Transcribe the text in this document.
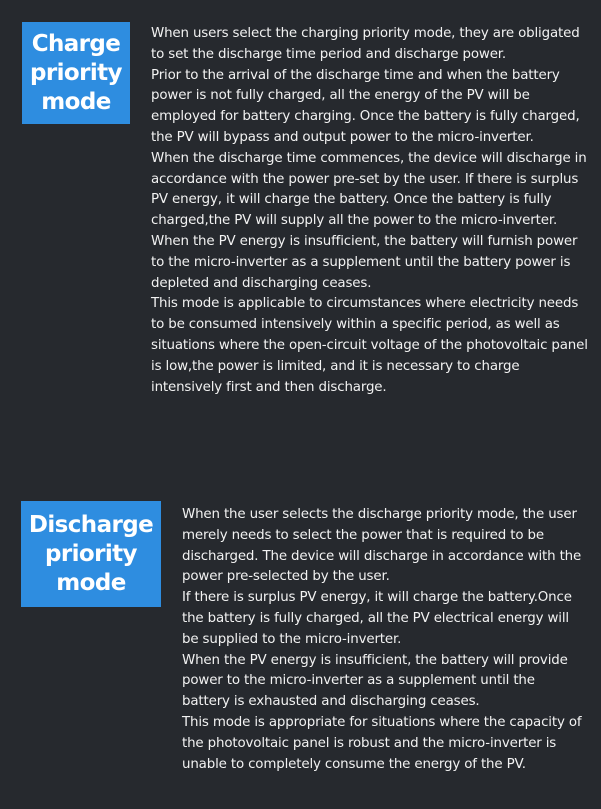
Charge
priority
mode

When users select the charging priority mode, they are obligated to set the discharge time period and discharge power.

Prior to the arrival of the discharge time and when the battery power is not fully charged, all the energy of the PV will be employed for battery charging. Once the battery is fully charged, the PV will bypass and output power to the micro-inverter.

When the discharge time commences, the device will discharge in accordance with the power pre-set by the user. If there is surplus PV energy, it will charge the battery. Once the battery is fully charged,the PV will supply all the power to the micro-inverter.

When the PV energy is insufficient, the battery will furnish power to the micro-inverter as a supplement until the battery power is depleted and discharging ceases.

This mode is applicable to circumstances where electricity needs to be consumed intensively within a specific period, as well as situations where the open-circuit voltage of the photovoltaic panel is low,the power is limited, and it is necessary to charge intensively first and then discharge.

Discharge
priority
mode

When the user selects the discharge priority mode, the user merely needs to select the power that is required to be discharged. The device will discharge in accordance with the power pre-selected by the user.

If there is surplus PV energy, it will charge the battery.Once the battery is fully charged, all the PV electrical energy will be supplied to the micro-inverter.

When the PV energy is insufficient, the battery will provide power to the micro-inverter as a supplement until the battery is exhausted and discharging ceases.

This mode is appropriate for situations where the capacity of the photovoltaic panel is robust and the micro-inverter is unable to completely consume the energy of the PV.
